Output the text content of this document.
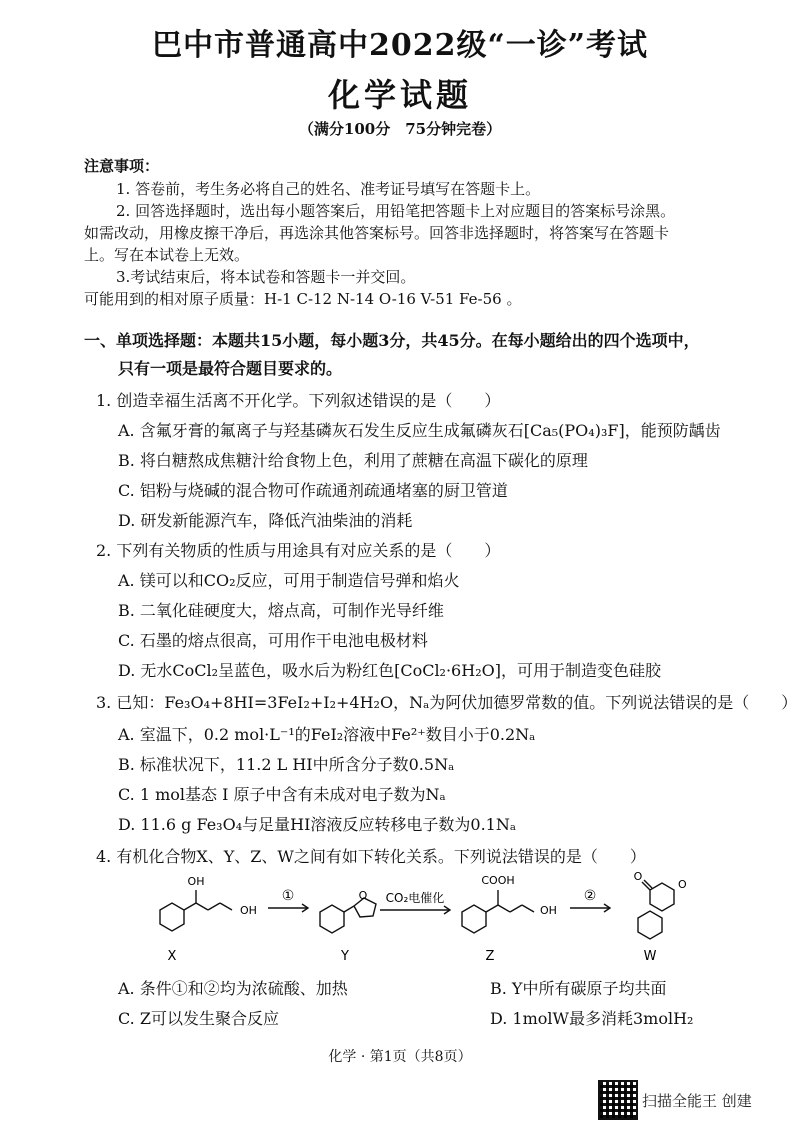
巴中市普通高中2022级“一诊”考试
化学试题
（满分100分　75分钟完卷）
注意事项：
1. 答卷前，考生务必将自己的姓名、准考证号填写在答题卡上。
2. 回答选择题时，选出每小题答案后，用铅笔把答题卡上对应题目的答案标号涂黑。
如需改动，用橡皮擦干净后，再选涂其他答案标号。回答非选择题时，将答案写在答题卡
上。写在本试卷上无效。
3.考试结束后，将本试卷和答题卡一并交回。
可能用到的相对原子质量：H-1 C-12 N-14 O-16 V-51 Fe-56 。
一、单项选择题：本题共15小题，每小题3分，共45分。在每小题给出的四个选项中，
只有一项是最符合题目要求的。
1. 创造幸福生活离不开化学。下列叙述错误的是（　　）
A. 含氟牙膏的氟离子与羟基磷灰石发生反应生成氟磷灰石[Ca₅(PO₄)₃F]，能预防龋齿
B. 将白糖熬成焦糖汁给食物上色，利用了蔗糖在高温下碳化的原理
C. 铝粉与烧碱的混合物可作疏通剂疏通堵塞的厨卫管道
D. 研发新能源汽车，降低汽油柴油的消耗
2. 下列有关物质的性质与用途具有对应关系的是（　　）
A. 镁可以和CO₂反应，可用于制造信号弹和焰火
B. 二氧化硅硬度大，熔点高，可制作光导纤维
C. 石墨的熔点很高，可用作干电池电极材料
D. 无水CoCl₂呈蓝色，吸水后为粉红色[CoCl₂·6H₂O]，可用于制造变色硅胶
3. 已知：Fe₃O₄+8HI=3FeI₂+I₂+4H₂O，Nₐ为阿伏加德罗常数的值。下列说法错误的是（　　）
A. 室温下，0.2 mol·L⁻¹的FeI₂溶液中Fe²⁺数目小于0.2Nₐ
B. 标准状况下，11.2 L HI中所含分子数0.5Nₐ
C. 1 mol基态 I 原子中含有未成对电子数为Nₐ
D. 11.6 g Fe₃O₄与足量HI溶液反应转移电子数为0.1Nₐ
4. 有机化合物X、Y、Z、W之间有如下转化关系。下列说法错误的是（　　）
OH
OH
①	O CO₂电催化
COOH
OH
②
O
O
X	Y	Z	W
A. 条件①和②均为浓硫酸、加热	B. Y中所有碳原子均共面
C. Z可以发生聚合反应	D. 1molW最多消耗3molH₂
化学 · 第1页（共8页）
扫描全能王 创建
